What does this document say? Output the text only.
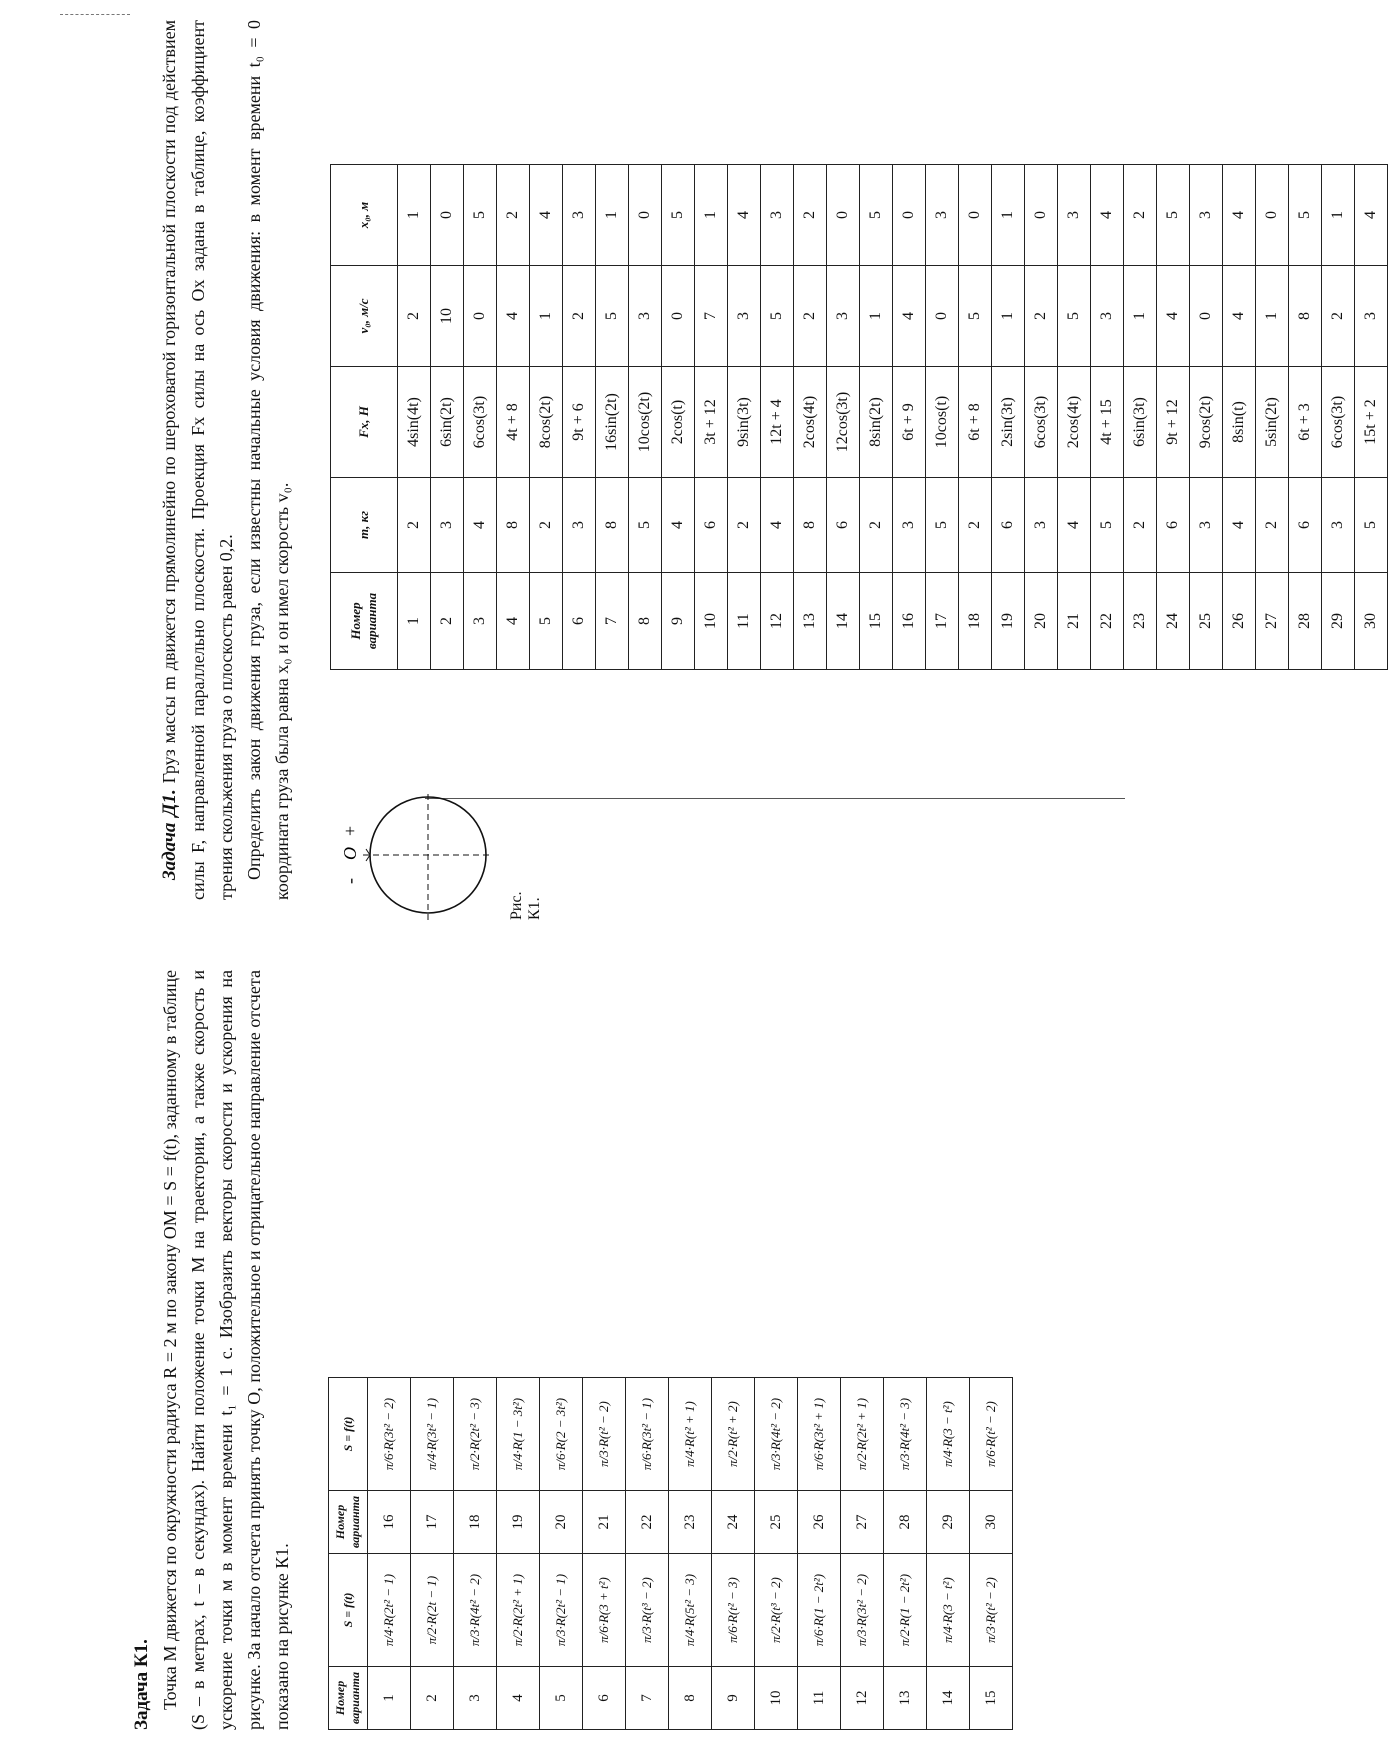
Задача К1. Точка M движется по окружности радиуса R = 2 м по закону OM = S = f(t), заданному в таблице (S – в метрах, t – в секундах). Найти положение точки M на траектории, а также скорость и ускорение точки м в момент времени t₁ = 1 с. Изобразить векторы скорости и ускорения на рисунке. За начало отсчета принять точку O, положительное и отрицательное направление отсчета показано на рисунке К1.	Номер варианта	S = f(t)	Номер варианта	S = f(t)
1	π/4·R(2t² − 1)	16	π/6·R(3t² − 2)
2	π/2·R(2t − 1)	17	π/4·R(3t² − 1)
3	π/3·R(4t² − 2)	18	π/2·R(2t² − 3)
4	π/2·R(2t² + 1)	19	π/4·R(1 − 3t²)
5	π/3·R(2t² − 1)	20	π/6·R(2 − 3t²)
6	π/6·R(3 + t²)	21	π/3·R(t² − 2)
7	π/3·R(t³ − 2)	22	π/6·R(3t² − 1)
8	π/4·R(5t² − 3)	23	π/4·R(t² + 1)
9	π/6·R(t² − 3)	24	π/2·R(t² + 2)
10	π/2·R(t³ − 2)	25	π/3·R(4t² − 2)
11	π/6·R(1 − 2t²)	26	π/6·R(3t² + 1)
12	π/3·R(3t² − 2)	27	π/2·R(2t² + 1)
13	π/2·R(1 − 2t²)	28	π/3·R(4t² − 3)
14	π/4·R(3 − t²)	29	π/4·R(3 − t²)
15	π/3·R(t² − 2)	30	π/6·R(t² − 2)
O
-
+
Рис. К1.

Задача Д1. Груз массы m движется прямолинейно по шероховатой горизонтальной плоскости под действием силы F, направленной параллельно плоскости. Проекция Fx силы на ось Ox задана в таблице, коэффициент трения скольжения груза о плоскость равен 0,2. Определить закон движения груза, если известны начальные условия движения: в момент времени t₀ = 0 координата груза была равна x₀ и он имел скорость v₀.	Номер варианта	m, кг	Fx, Н	v₀, м/с	x₀, м
1	2	4sin(4t)	2	1
2	3	6sin(2t)	10	0
3	4	6cos(3t)	0	5
4	8	4t + 8	4	2
5	2	8cos(2t)	1	4
6	3	9t + 6	2	3
7	8	16sin(2t)	5	1
8	5	10cos(2t)	3	0
9	4	2cos(t)	0	5
10	6	3t + 12	7	1
11	2	9sin(3t)	3	4
12	4	12t + 4	5	3
13	8	2cos(4t)	2	2
14	6	12cos(3t)	3	0
15	2	8sin(2t)	1	5
16	3	6t + 9	4	0
17	5	10cos(t)	0	3
18	2	6t + 8	5	0
19	6	2sin(3t)	1	1
20	3	6cos(3t)	2	0
21	4	2cos(4t)	5	3
22	5	4t + 15	3	4
23	2	6sin(3t)	1	2
24	6	9t + 12	4	5
25	3	9cos(2t)	0	3
26	4	8sin(t)	4	4
27	2	5sin(2t)	1	0
28	6	6t + 3	8	5
29	3	6cos(3t)	2	1
30	5	15t + 2	3	4
